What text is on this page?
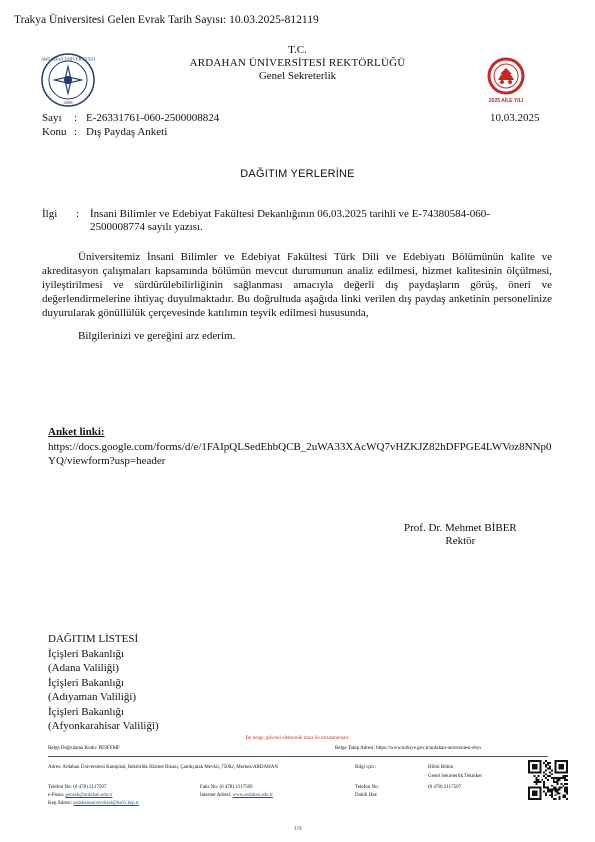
Trakya Üniversitesi Gelen Evrak Tarih Sayısı: 10.03.2025-812119
ARDAHAN ÜNİVERSİTESİ
2008
T.C.
ARDAHAN ÜNİVERSİTESİ REKTÖRLÜĞÜ
Genel Sekreterlik
2025 AİLE YILI
Sayı : E-26331761-060-2500008824
Konu : Dış Paydaş Anketi
10.03.2025
DAĞITIM YERLERİNE
İlgi : İnsani Bilimler ve Edebiyat Fakültesi Dekanlığının 06.03.2025 tarihli ve E-74380584-060-2500008774 sayılı yazısı.

Üniversitemiz İnsani Bilimler ve Edebiyat Fakültesi Türk Dili ve Edebiyatı Bölümünün kalite ve akreditasyon çalışmaları kapsamında bölümün mevcut durumunun analiz edilmesi, hizmet kalitesinin ölçülmesi, iyileştirilmesi ve sürdürülebilirliğinin sağlanması amacıyla değerli dış paydaşların görüş, öneri ve değerlendirmelerine ihtiyaç duyulmaktadır. Bu doğrultuda aşağıda linki verilen dış paydaş anketinin personelinize duyurularak gönüllülük çerçevesinde katılımın teşvik edilmesi hususunda,

Bilgilerinizi ve gereğini arz ederim.
Anket linki:
https://docs.google.com/forms/d/e/1FAIpQLSedEhbQCB_2uWA33XAcWQ7vHZKJZ82hDFPGE4LWVoz8NNp0YQ/viewform?usp=header
Prof. Dr. Mehmet BİBER
Rektör
DAĞITIM LİSTESİ
İçişleri Bakanlığı
(Adana Valiliği)
İçişleri Bakanlığı
(Adıyaman Valiliği)
İçişleri Bakanlığı
(Afyonkarahisar Valiliği)
Bu belge, güvenli elektronik imza ile imzalanmıştır.
Belge Doğrulama Kodu: PE9FEMF	Belge Takip Adresi: https://www.turkiye.gov.tr/ardahan-universitesi-ebys
Adres: Ardahan Üniversitesi Kampüsü, Rektörlük Hizmet Binası, Çamlıçatak Mevkii, 75002, Merkez/ARDAHAN
Telefon No: (0 478) 2117507	Faks No: (0 478) 2117509
e-Posta: gensek@ardahan.edu.tr	İnternet Adresi: www.ardahan.edu.tr
Kep Adresi: ardahanuniversitesi@hs01.kep.tr
Bilgi için :	Hilmi Bütün
Genel Sekreterlik Tekniker
Telefon No:	(0 478) 2117507
Dahili Hat:
1/9
